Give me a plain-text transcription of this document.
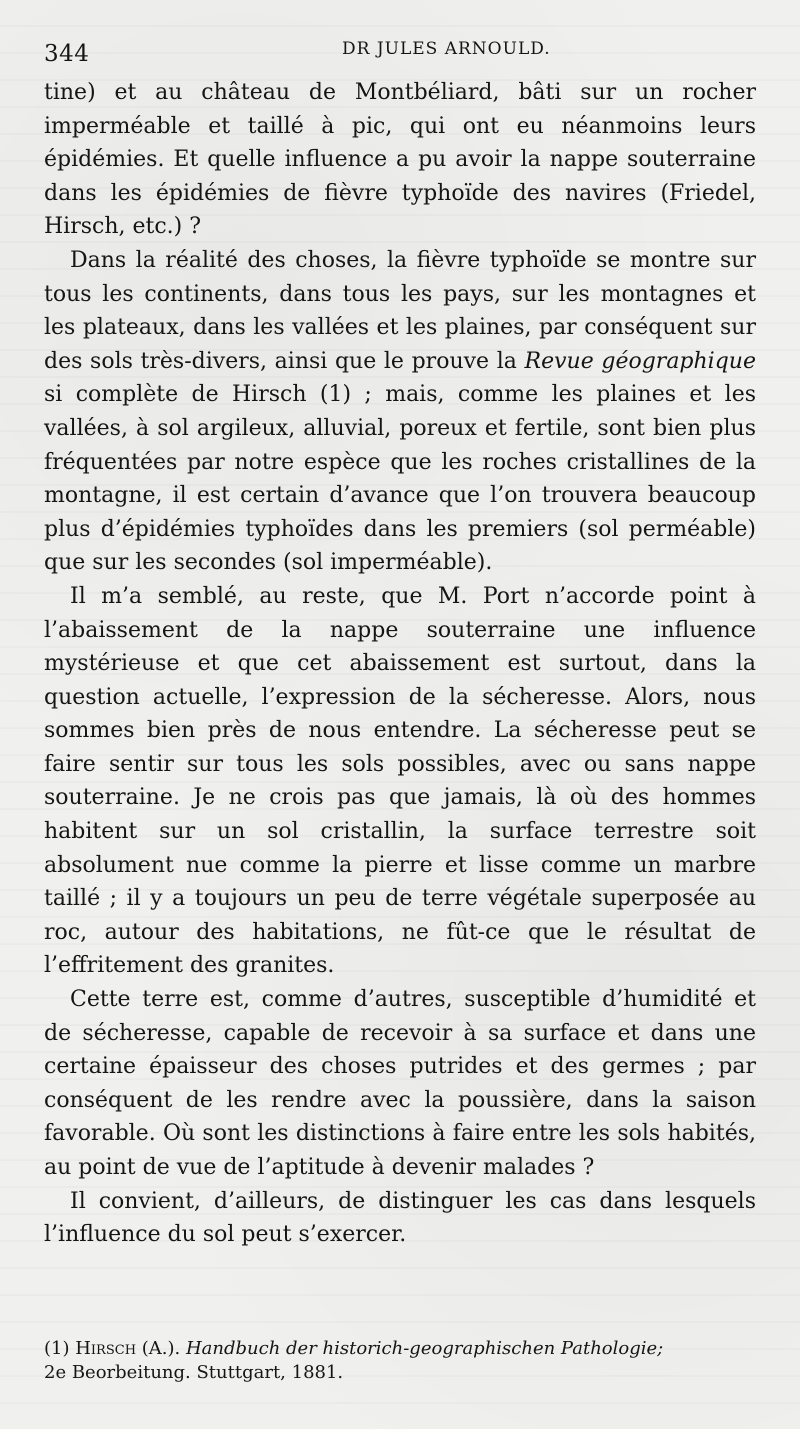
344	DR JULES ARNOULD.

tine) et au château de Montbéliard, bâti sur un rocher imperméable et taillé à pic, qui ont eu néanmoins leurs épidémies. Et quelle influence a pu avoir la nappe souterraine dans les épidémies de fièvre typhoïde des navires (Friedel, Hirsch, etc.) ?

Dans la réalité des choses, la fièvre typhoïde se montre sur tous les continents, dans tous les pays, sur les montagnes et les plateaux, dans les vallées et les plaines, par conséquent sur des sols très-divers, ainsi que le prouve la Revue géographique si complète de Hirsch (1) ; mais, comme les plaines et les vallées, à sol argileux, alluvial, poreux et fertile, sont bien plus fréquentées par notre espèce que les roches cristallines de la montagne, il est certain d’avance que l’on trouvera beaucoup plus d’épidémies typhoïdes dans les premiers (sol perméable) que sur les secondes (sol imperméable).

Il m’a semblé, au reste, que M. Port n’accorde point à l’abaissement de la nappe souterraine une influence mystérieuse et que cet abaissement est surtout, dans la question actuelle, l’expression de la sécheresse. Alors, nous sommes bien près de nous entendre. La sécheresse peut se faire sentir sur tous les sols possibles, avec ou sans nappe souterraine. Je ne crois pas que jamais, là où des hommes habitent sur un sol cristallin, la surface terrestre soit absolument nue comme la pierre et lisse comme un marbre taillé ; il y a toujours un peu de terre végétale superposée au roc, autour des habitations, ne fût-ce que le résultat de l’effritement des granites.

Cette terre est, comme d’autres, susceptible d’humidité et de sécheresse, capable de recevoir à sa surface et dans une certaine épaisseur des choses putrides et des germes ; par conséquent de les rendre avec la poussière, dans la saison favorable. Où sont les distinctions à faire entre les sols habités, au point de vue de l’aptitude à devenir malades ?

Il convient, d’ailleurs, de distinguer les cas dans lesquels l’influence du sol peut s’exercer.

(1) Hirsch (A.). Handbuch der historich-geographischen Pathologie;
2e Beorbeitung. Stuttgart, 1881.
